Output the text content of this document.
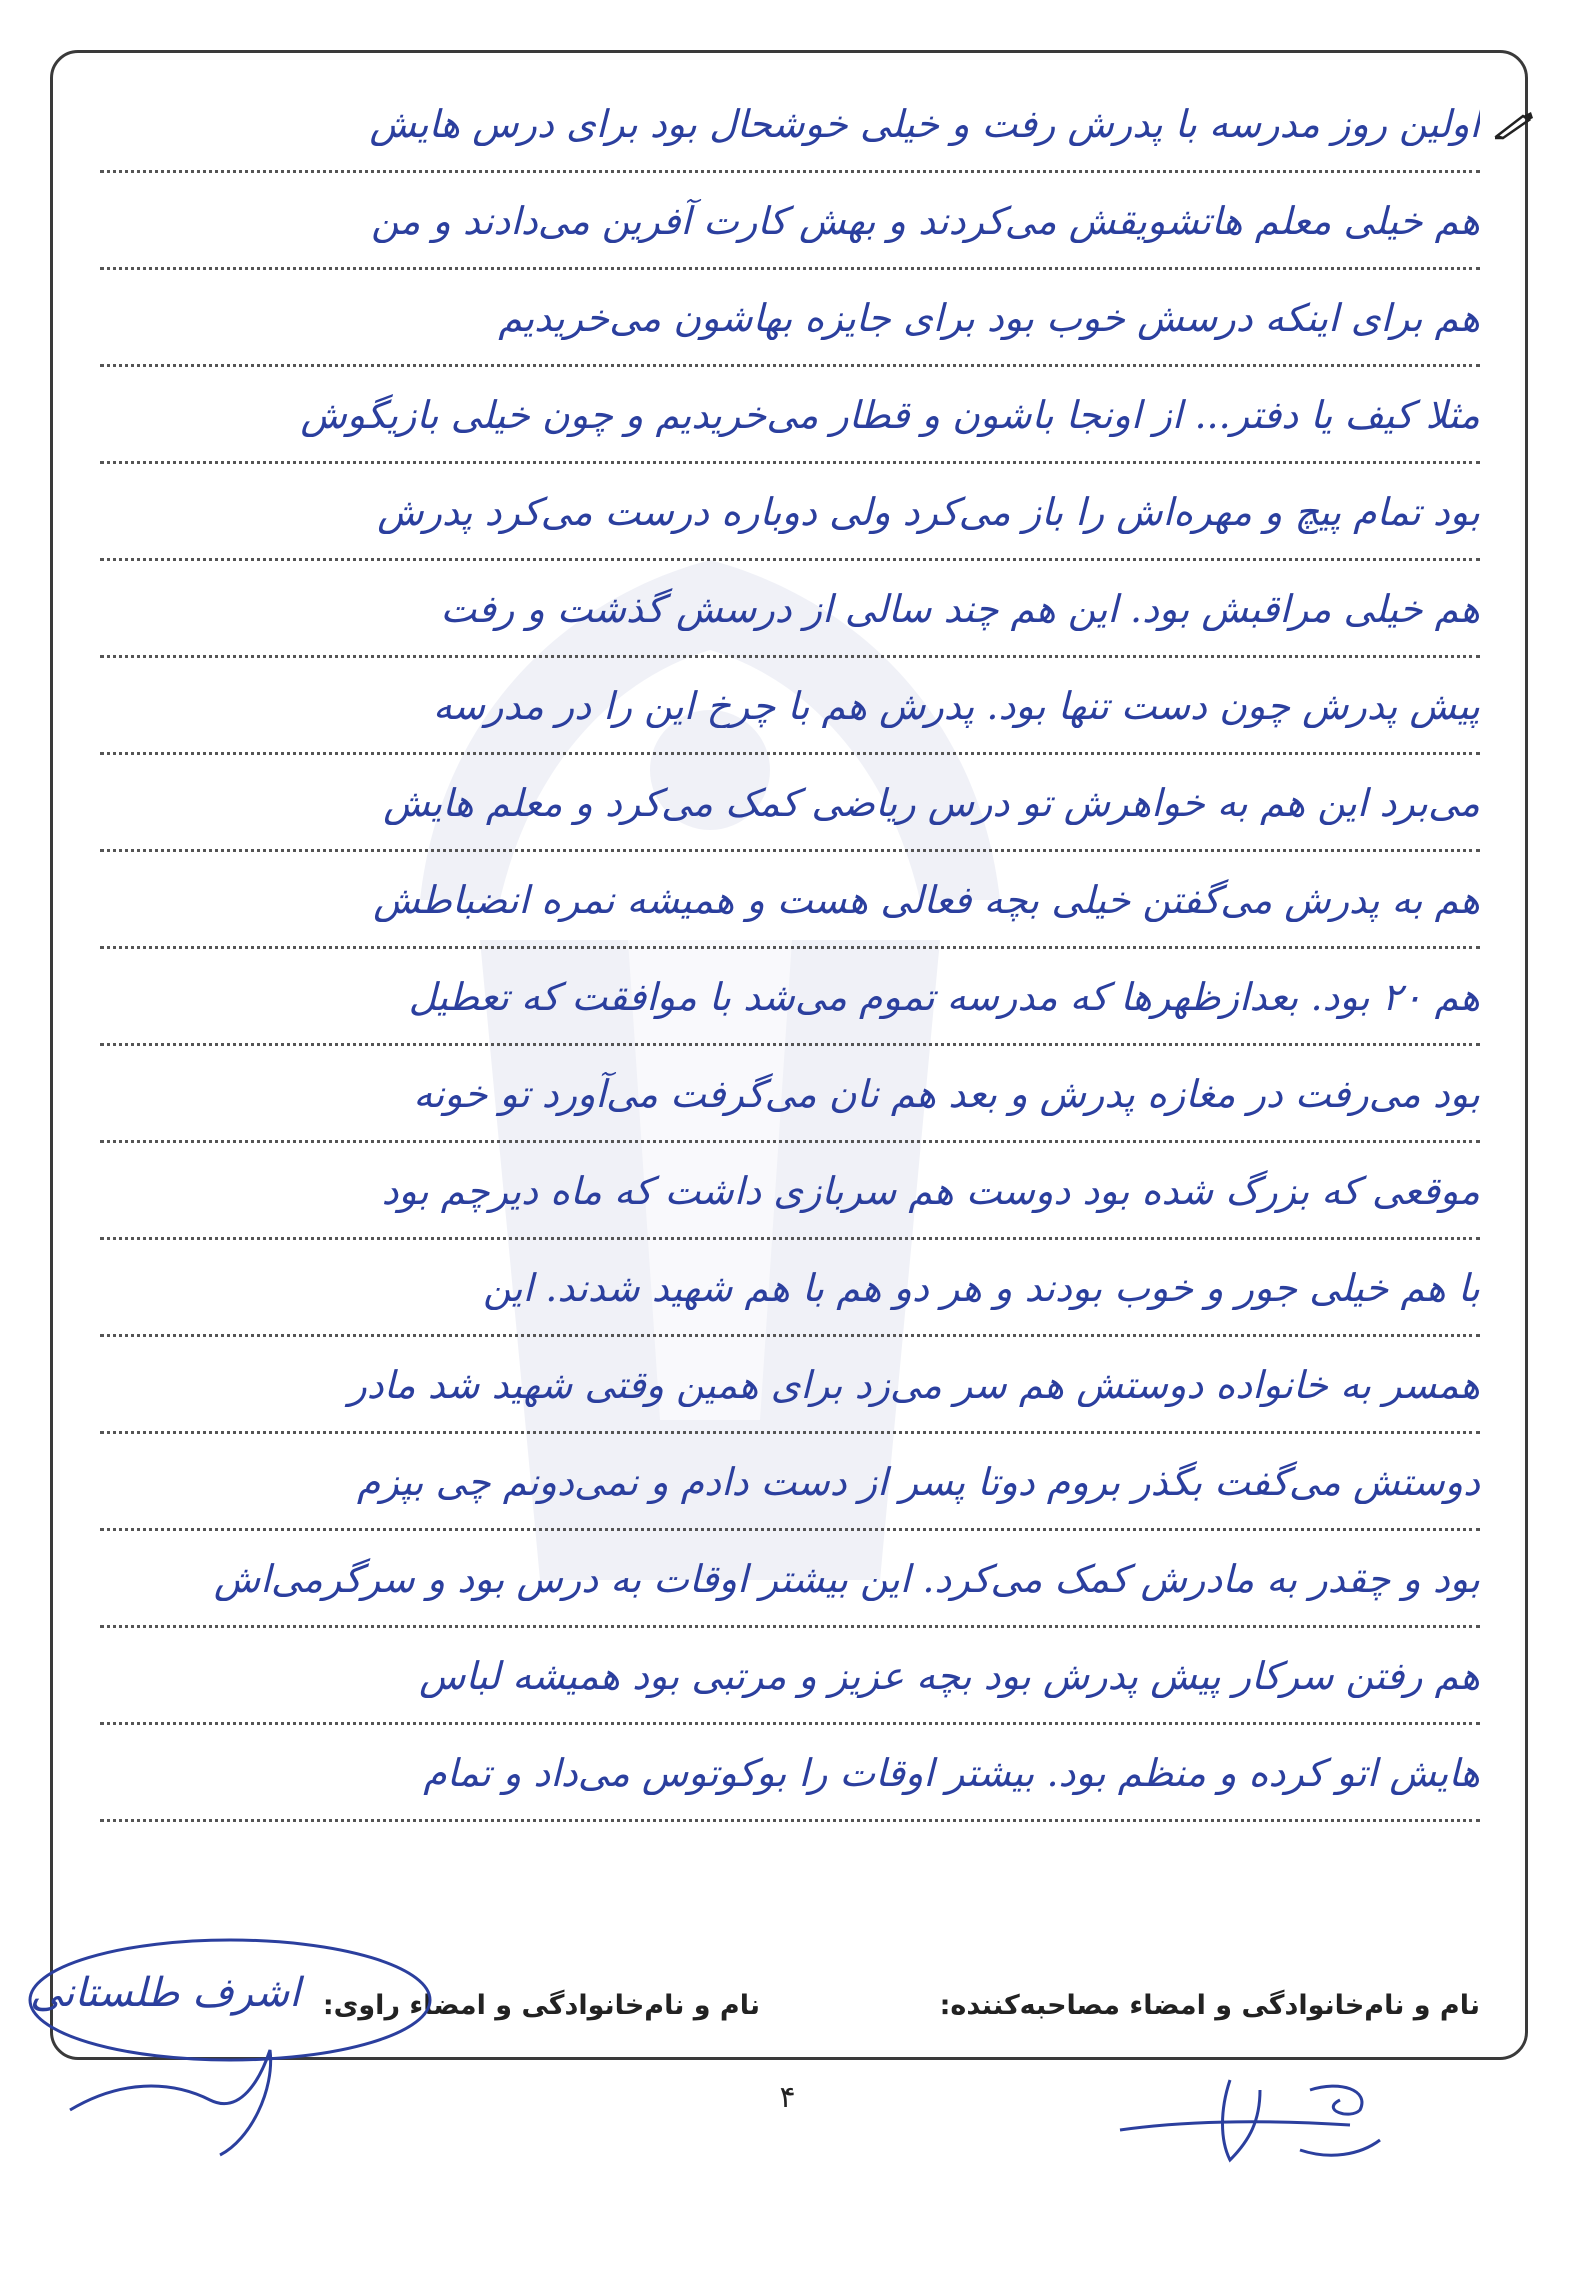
اولین روز مدرسه با پدرش رفت و خیلی خوشحال بود برای درس هایش
هم خیلی معلم هاتشویقش می‌کردند و بهش کارت آفرین می‌دادند و من
هم برای اینکه درسش خوب بود برای جایزه بهاشون می‌خریدیم
مثلا کیف یا دفتر... از اونجا باشون و قطار می‌خریدیم و چون خیلی بازیگوش
بود تمام پیچ و مهره‌اش را باز می‌کرد ولی دوباره درست می‌کرد پدرش
هم خیلی مراقبش بود. این هم چند سالی از درسش گذشت و رفت
پیش پدرش چون دست تنها بود. پدرش هم با چرخ این را در مدرسه
می‌برد این هم به خواهرش تو درس ریاضی کمک می‌کرد و معلم هایش
هم به پدرش می‌گفتن خیلی بچه فعالی هست و همیشه نمره انضباطش
هم ۲۰ بود. بعدازظهرها که مدرسه تموم می‌شد با موافقت که تعطیل
بود می‌رفت در مغازه پدرش و بعد هم نان می‌گرفت می‌آورد تو خونه
موقعی که بزرگ شده بود دوست هم سربازی داشت که ماه دیرچم بود
با هم خیلی جور و خوب بودند و هر دو هم با هم شهید شدند. این
همسر به خانواده دوستش هم سر می‌زد برای همین وقتی شهید شد مادر
دوستش می‌گفت بگذر بروم دوتا پسر از دست دادم و نمی‌دونم چی بپزم
بود و چقدر به مادرش کمک می‌کرد. این بیشتر اوقات به درس بود و سرگرمی‌اش
هم رفتن سرکار پیش پدرش بود بچه عزیز و مرتبی بود همیشه لباس
هایش اتو کرده و منظم بود. بیشتر اوقات را بوکوتوس می‌داد و تمام
نام و نام‌خانوادگی و امضاء مصاحبه‌کننده:
نام و نام‌خانوادگی و امضاء راوی:
اشرف طلستانی
۴
